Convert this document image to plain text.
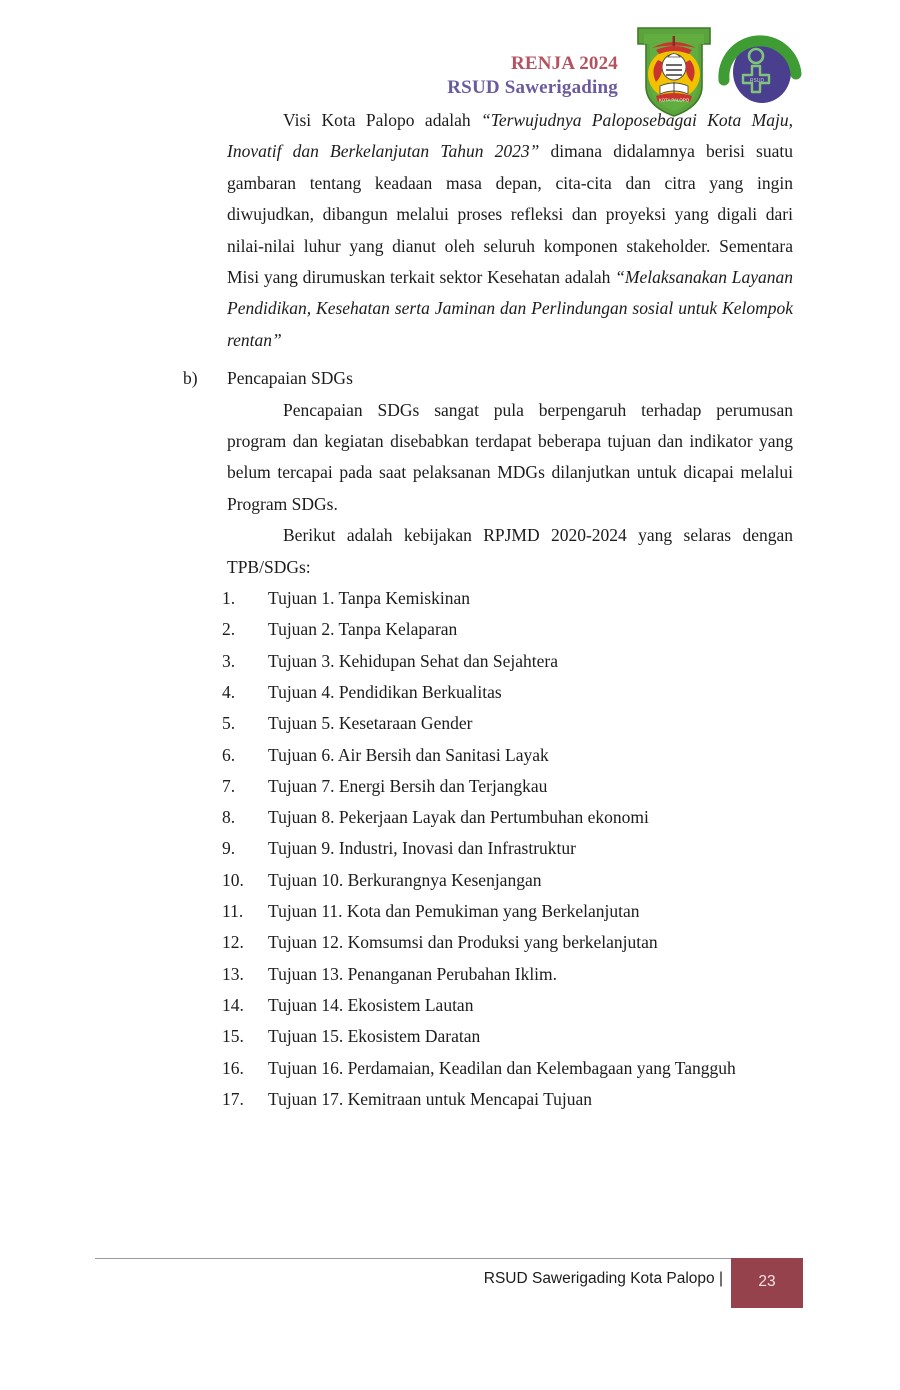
RENJA 2024
RSUD Sawerigading
KOTA PALOPO
RSUD

Visi Kota Palopo adalah “Terwujudnya Paloposebagai Kota Maju, Inovatif dan Berkelanjutan Tahun 2023” dimana didalamnya berisi suatu gambaran tentang keadaan masa depan, cita-cita dan citra yang ingin diwujudkan, dibangun melalui proses refleksi dan proyeksi yang digali dari nilai-nilai luhur yang dianut oleh seluruh komponen stakeholder. Sementara Misi yang dirumuskan terkait sektor Kesehatan adalah “Melaksanakan Layanan Pendidikan, Kesehatan serta Jaminan dan Perlindungan sosial untuk Kelompok rentan”

b)	Pencapaian SDGs

Pencapaian SDGs sangat pula berpengaruh terhadap perumusan program dan kegiatan disebabkan terdapat beberapa tujuan dan indikator yang belum tercapai pada saat pelaksanan MDGs dilanjutkan untuk dicapai melalui Program SDGs.

Berikut adalah kebijakan RPJMD 2020-2024 yang selaras dengan TPB/SDGs:

1.	Tujuan 1. Tanpa Kemiskinan
2.	Tujuan 2. Tanpa Kelaparan
3.	Tujuan 3. Kehidupan Sehat dan Sejahtera
4.	Tujuan 4. Pendidikan Berkualitas
5.	Tujuan 5. Kesetaraan Gender
6.	Tujuan 6. Air Bersih dan Sanitasi Layak
7.	Tujuan 7. Energi Bersih dan Terjangkau
8.	Tujuan 8. Pekerjaan Layak dan Pertumbuhan ekonomi
9.	Tujuan 9. Industri, Inovasi dan Infrastruktur
10.	Tujuan 10. Berkurangnya Kesenjangan
11.	Tujuan 11. Kota dan Pemukiman yang Berkelanjutan
12.	Tujuan 12. Komsumsi dan Produksi yang berkelanjutan
13.	Tujuan 13. Penanganan Perubahan Iklim.
14.	Tujuan 14. Ekosistem Lautan
15.	Tujuan 15. Ekosistem Daratan
16.	Tujuan 16. Perdamaian, Keadilan dan Kelembagaan yang Tangguh
17.	Tujuan 17. Kemitraan untuk Mencapai Tujuan
RSUD Sawerigading Kota Palopo |	23
